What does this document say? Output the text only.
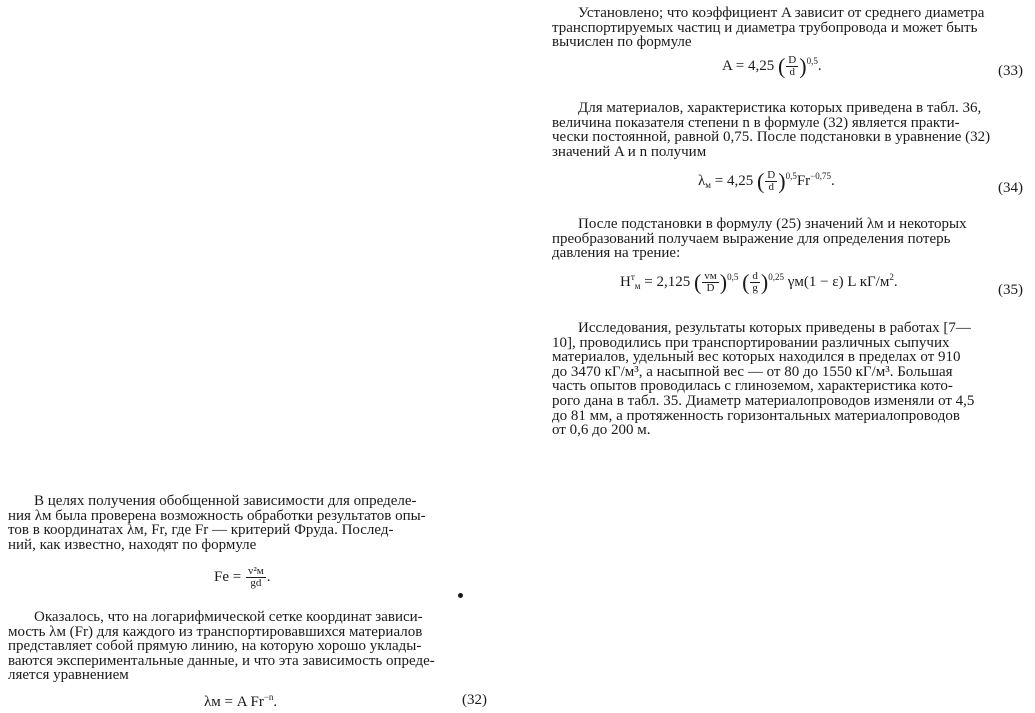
Установлено; что коэффициент A зависит от среднего диаметра
транспортируемых частиц и диаметра трубопровода и может быть
вычислен по формуле
A = 4,25 ( $\frac{D}{d} )^{0,5}$.	(33)
Для материалов, характеристика которых приведена в табл. 36,
величина показателя степени n в формуле (32) является практи-
чески постоянной, равной 0,75. После подстановки в уравнение (32)
значений A и n получим
$\lambda_м = 4,25$ ( $\frac{D}{d} )^{0,5}Fr^{-0,75}$.	(34)
После подстановки в формулу (25) значений λм и некоторых
преобразований получаем выражение для определения потерь
давления на трение:
$H^т_м = 2,125$ ( $\frac{vм}{D} )^{0,5}$ ( $\frac{d}{g} )^{0,25}$ γм(1 − ε) L $кГ/м^2$.
(35)
Исследования, результаты которых приведены в работах [7—
10], проводились при транспортировании различных сыпучих
материалов, удельный вес которых находился в пределах от 910
до 3470 кГ/м³, а насыпной вес — от 80 до 1550 кГ/м³. Большая
часть опытов проводилась с глиноземом, характеристика кото-
рого дана в табл. 35. Диаметр материалопроводов изменяли от 4,5
до 81 мм, а протяженность горизонтальных материалопроводов
от 0,6 до 200 м.
В целях получения обобщенной зависимости для определе-
ния λм была проверена возможность обработки результатов опы-
тов в координатах λм, Fr, где Fr — критерий Фруда. Послед-
ний, как известно, находят по формуле
$Fe = \frac{\text{v²м}}{gd}$ .
Оказалось, что на логарифмической сетке координат зависи-
мость λм (Fr) для каждого из транспортировавшихся материалов
представляет собой прямую линию, на которую хорошо уклады-
ваются экспериментальные данные, и что эта зависимость опреде-
ляется уравнением
λм = A $Fr^{-n}$.	(32)
